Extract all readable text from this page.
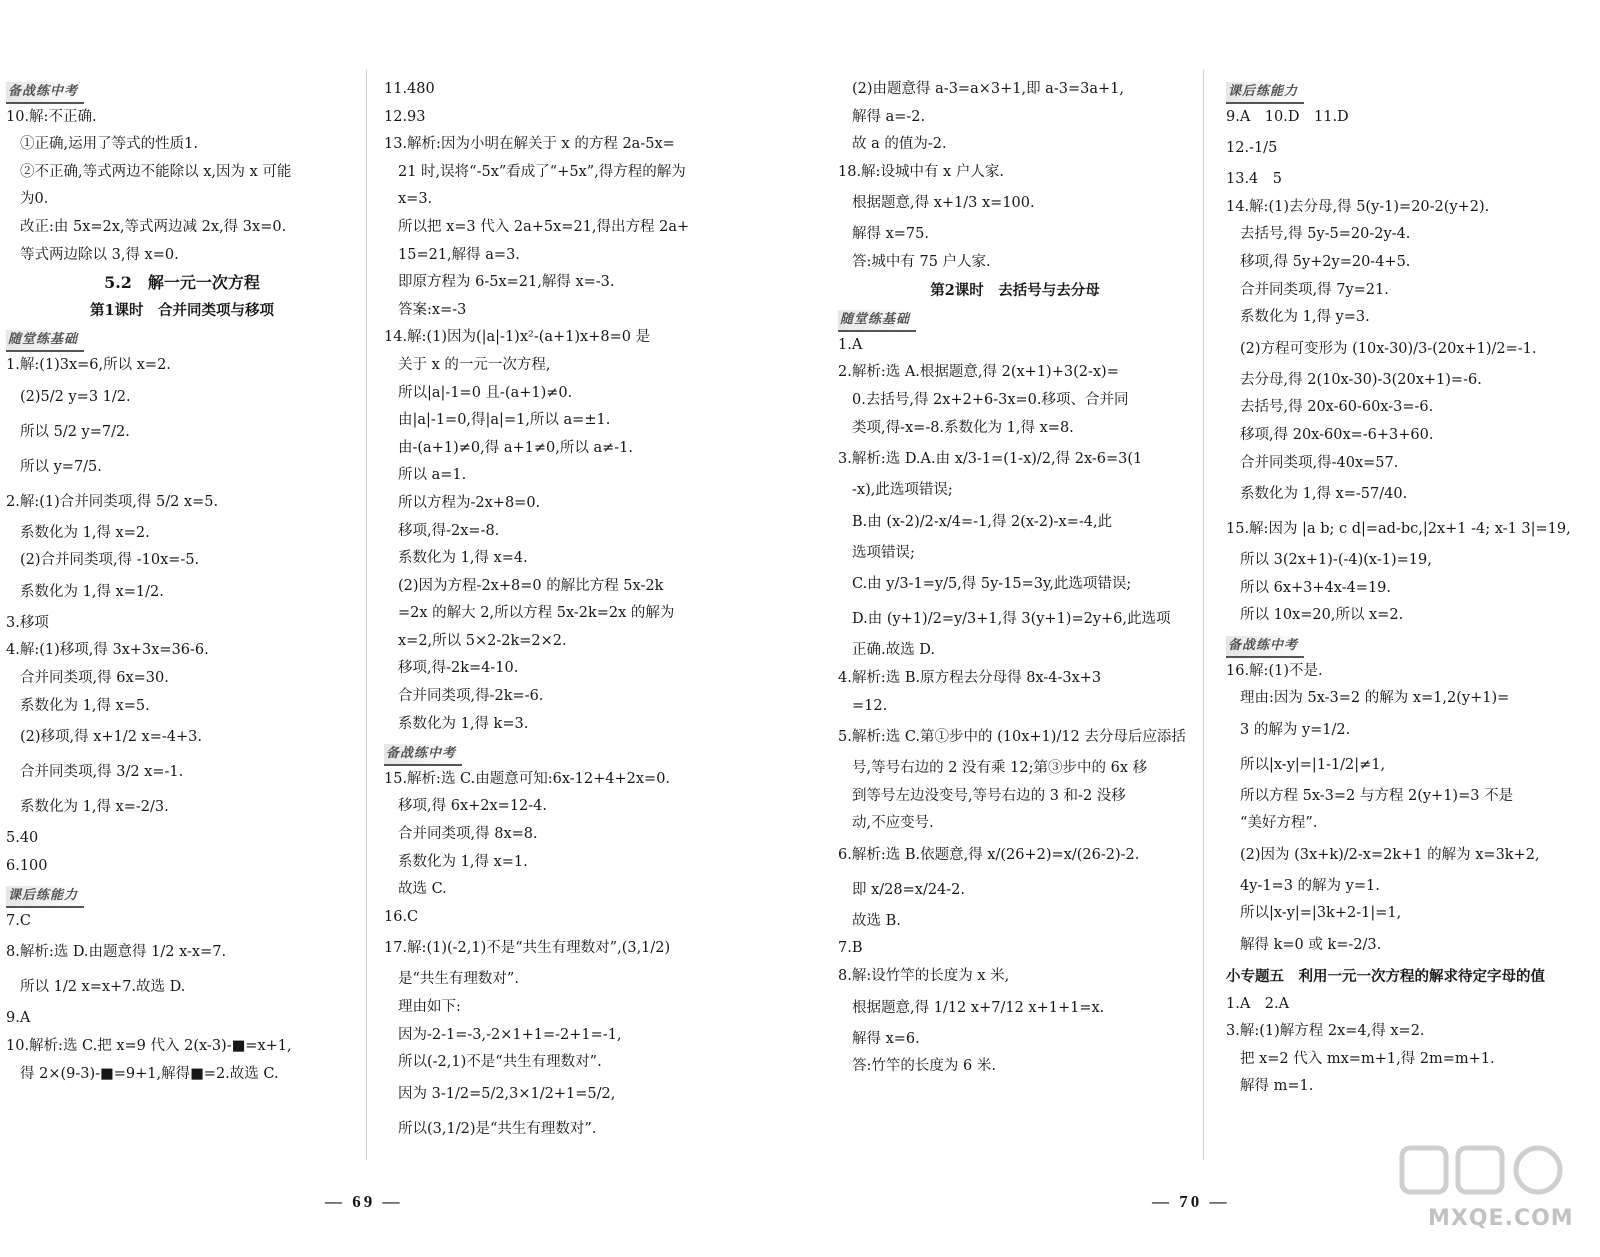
备战练中考
10.解:不正确.
①正确,运用了等式的性质1.
②不正确,等式两边不能除以 x,因为 x 可能
为0.
改正:由 5x=2x,等式两边减 2x,得 3x=0.
等式两边除以 3,得 x=0.
5.2　解一元一次方程
第1课时　合并同类项与移项
随堂练基础
1.解:(1)3x=6,所以 x=2.
(2)5/2 y=3 1/2.
所以 5/2 y=7/2.
所以 y=7/5.
2.解:(1)合并同类项,得 5/2 x=5.
系数化为 1,得 x=2.
(2)合并同类项,得 -10x=-5.
系数化为 1,得 x=1/2.
3.移项
4.解:(1)移项,得 3x+3x=36-6.
合并同类项,得 6x=30.
系数化为 1,得 x=5.
(2)移项,得 x+1/2 x=-4+3.
合并同类项,得 3/2 x=-1.
系数化为 1,得 x=-2/3.
5.40
6.100
课后练能力
7.C
8.解析:选 D.由题意得 1/2 x-x=7.
所以 1/2 x=x+7.故选 D.
9.A
10.解析:选 C.把 x=9 代入 2(x-3)-■=x+1,
得 2×(9-3)-■=9+1,解得■=2.故选 C.
11.480
12.93
13.解析:因为小明在解关于 x 的方程 2a-5x=
21 时,误将“-5x”看成了“+5x”,得方程的解为
x=3.
所以把 x=3 代入 2a+5x=21,得出方程 2a+
15=21,解得 a=3.
即原方程为 6-5x=21,解得 x=-3.
答案:x=-3
14.解:(1)因为(|a|-1)x²-(a+1)x+8=0 是
关于 x 的一元一次方程,
所以|a|-1=0 且-(a+1)≠0.
由|a|-1=0,得|a|=1,所以 a=±1.
由-(a+1)≠0,得 a+1≠0,所以 a≠-1.
所以 a=1.
所以方程为-2x+8=0.
移项,得-2x=-8.
系数化为 1,得 x=4.
(2)因为方程-2x+8=0 的解比方程 5x-2k
=2x 的解大 2,所以方程 5x-2k=2x 的解为
x=2,所以 5×2-2k=2×2.
移项,得-2k=4-10.
合并同类项,得-2k=-6.
系数化为 1,得 k=3.
备战练中考
15.解析:选 C.由题意可知:6x-12+4+2x=0.
移项,得 6x+2x=12-4.
合并同类项,得 8x=8.
系数化为 1,得 x=1.
故选 C.
16.C
17.解:(1)(-2,1)不是“共生有理数对”,(3,1/2)
是“共生有理数对”.
理由如下:
因为-2-1=-3,-2×1+1=-2+1=-1,
所以(-2,1)不是“共生有理数对”.
因为 3-1/2=5/2,3×1/2+1=5/2,
所以(3,1/2)是“共生有理数对”.
(2)由题意得 a-3=a×3+1,即 a-3=3a+1,
解得 a=-2.
故 a 的值为-2.
18.解:设城中有 x 户人家.
根据题意,得 x+1/3 x=100.
解得 x=75.
答:城中有 75 户人家.
第2课时　去括号与去分母
随堂练基础
1.A
2.解析:选 A.根据题意,得 2(x+1)+3(2-x)=
0.去括号,得 2x+2+6-3x=0.移项、合并同
类项,得-x=-8.系数化为 1,得 x=8.
3.解析:选 D.A.由 x/3-1=(1-x)/2,得 2x-6=3(1
-x),此选项错误;
B.由 (x-2)/2-x/4=-1,得 2(x-2)-x=-4,此
选项错误;
C.由 y/3-1=y/5,得 5y-15=3y,此选项错误;
D.由 (y+1)/2=y/3+1,得 3(y+1)=2y+6,此选项
正确.故选 D.
4.解析:选 B.原方程去分母得 8x-4-3x+3
=12.
5.解析:选 C.第①步中的 (10x+1)/12 去分母后应添括
号,等号右边的 2 没有乘 12;第③步中的 6x 移
到等号左边没变号,等号右边的 3 和-2 没移
动,不应变号.
6.解析:选 B.依题意,得 x/(26+2)=x/(26-2)-2.
即 x/28=x/24-2.
故选 B.
7.B
8.解:设竹竿的长度为 x 米,
根据题意,得 1/12 x+7/12 x+1+1=x.
解得 x=6.
答:竹竿的长度为 6 米.
课后练能力
9.A　10.D　11.D
12.-1/5
13.4　5
14.解:(1)去分母,得 5(y-1)=20-2(y+2).
去括号,得 5y-5=20-2y-4.
移项,得 5y+2y=20-4+5.
合并同类项,得 7y=21.
系数化为 1,得 y=3.
(2)方程可变形为 (10x-30)/3-(20x+1)/2=-1.
去分母,得 2(10x-30)-3(20x+1)=-6.
去括号,得 20x-60-60x-3=-6.
移项,得 20x-60x=-6+3+60.
合并同类项,得-40x=57.
系数化为 1,得 x=-57/40.
15.解:因为 |a b; c d|=ad-bc,|2x+1 -4; x-1 3|=19,
所以 3(2x+1)-(-4)(x-1)=19,
所以 6x+3+4x-4=19.
所以 10x=20,所以 x=2.
备战练中考
16.解:(1)不是.
理由:因为 5x-3=2 的解为 x=1,2(y+1)=
3 的解为 y=1/2.
所以|x-y|=|1-1/2|≠1,
所以方程 5x-3=2 与方程 2(y+1)=3 不是
“美好方程”.
(2)因为 (3x+k)/2-x=2k+1 的解为 x=3k+2,
4y-1=3 的解为 y=1.
所以|x-y|=|3k+2-1|=1,
解得 k=0 或 k=-2/3.
小专题五　利用一元一次方程的解求待定字母的值
1.A　2.A
3.解:(1)解方程 2x=4,得 x=2.
把 x=2 代入 mx=m+1,得 2m=m+1.
解得 m=1.
— 69 —	— 70 —
MXQE.COM
